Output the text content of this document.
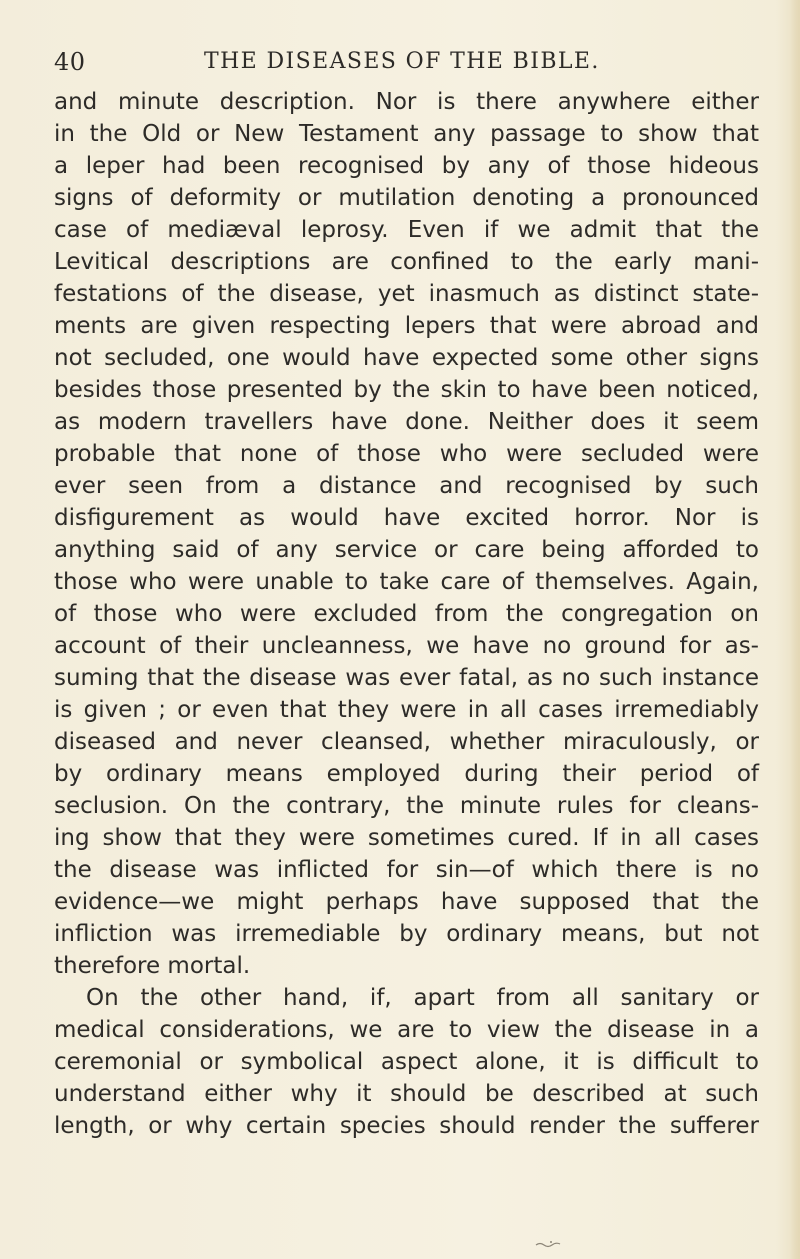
40	THE DISEASES OF THE BIBLE.
and minute description. Nor is there anywhere either
in the Old or New Testament any passage to show that
a leper had been recognised by any of those hideous
signs of deformity or mutilation denoting a pronounced
case of mediæval leprosy. Even if we admit that the
Levitical descriptions are confined to the early mani-
festations of the disease, yet inasmuch as distinct state-
ments are given respecting lepers that were abroad and
not secluded, one would have expected some other signs
besides those presented by the skin to have been noticed,
as modern travellers have done. Neither does it seem
probable that none of those who were secluded were
ever seen from a distance and recognised by such
disfigurement as would have excited horror. Nor is
anything said of any service or care being afforded to
those who were unable to take care of themselves. Again,
of those who were excluded from the congregation on
account of their uncleanness, we have no ground for as-
suming that the disease was ever fatal, as no such instance
is given ; or even that they were in all cases irremediably
diseased and never cleansed, whether miraculously, or
by ordinary means employed during their period of
seclusion. On the contrary, the minute rules for cleans-
ing show that they were sometimes cured. If in all cases
the disease was inflicted for sin—of which there is no
evidence—we might perhaps have supposed that the
infliction was irremediable by ordinary means, but not
therefore mortal.
On the other hand, if, apart from all sanitary or
medical considerations, we are to view the disease in a
ceremonial or symbolical aspect alone, it is difficult to
understand either why it should be described at such
length, or why certain species should render the sufferer
